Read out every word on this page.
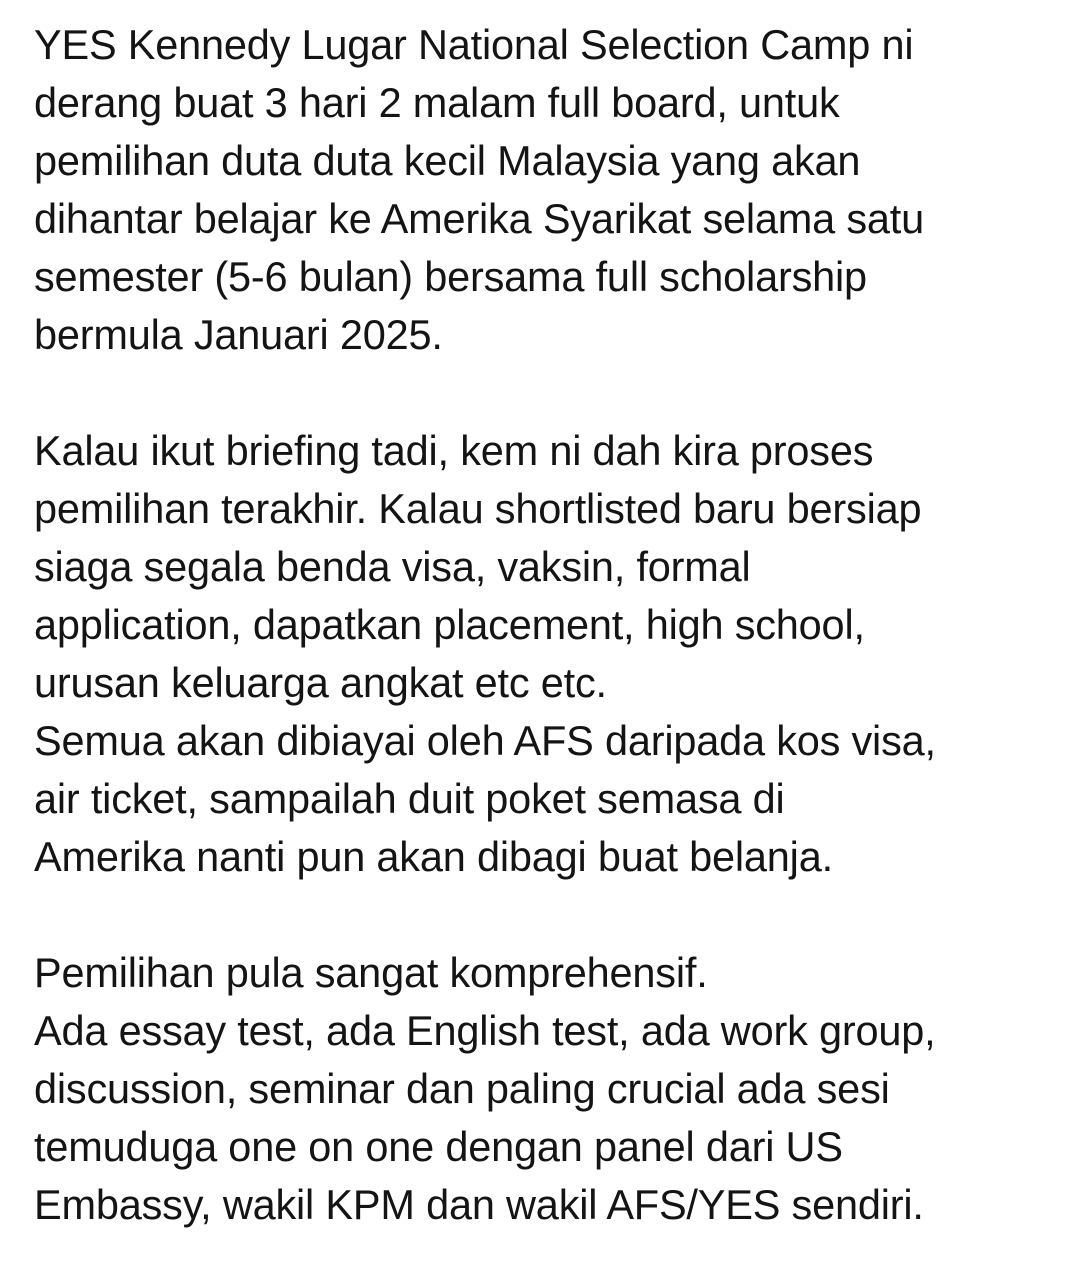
YES Kennedy Lugar National Selection Camp ni
derang buat 3 hari 2 malam full board, untuk
pemilihan duta duta kecil Malaysia yang akan
dihantar belajar ke Amerika Syarikat selama satu
semester (5-6 bulan) bersama full scholarship
bermula Januari 2025.
Kalau ikut briefing tadi, kem ni dah kira proses
pemilihan terakhir. Kalau shortlisted baru bersiap
siaga segala benda visa, vaksin, formal
application, dapatkan placement, high school,
urusan keluarga angkat etc etc.
Semua akan dibiayai oleh AFS daripada kos visa,
air ticket, sampailah duit poket semasa di
Amerika nanti pun akan dibagi buat belanja.
Pemilihan pula sangat komprehensif.
Ada essay test, ada English test, ada work group,
discussion, seminar dan paling crucial ada sesi
temuduga one on one dengan panel dari US
Embassy, wakil KPM dan wakil AFS/YES sendiri.
